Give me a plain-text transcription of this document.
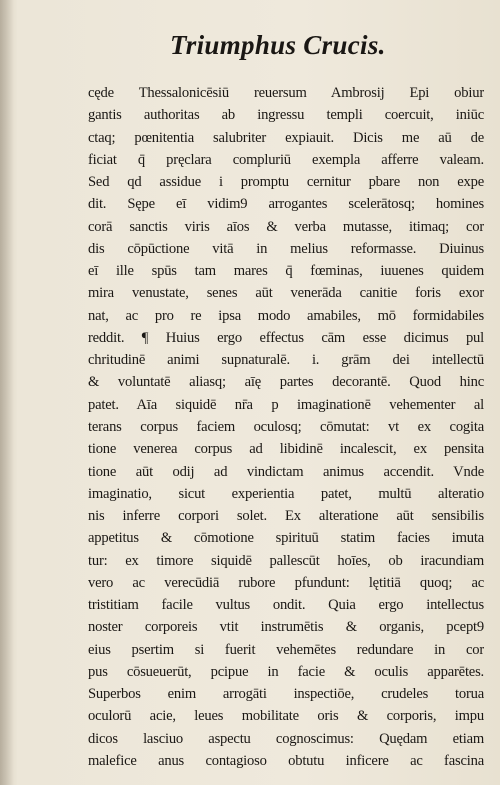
Triumphus Crucis.
cęde Thessalonicēsiū reuersum Ambrosij Epi obiur
gantis authoritas ab ingressu templi coercuit, iniūc
ctaq; pœnitentia salubriter expiauit. Dicis me aū de
ficiat q̄ pręclara compluriū exempla afferre valeam.
Sed qd assidue i promptu cernitur pbare non expe
dit. Sępe eī vidim9 arrogantes scelerātosq; homines
corā sanctis viris aīos & verba mutasse, itimaq; cor
dis cōpūctione vitā in melius reformasse. Diuinus
eī ille spūs tam mares q̄ fœminas, iuuenes quidem
mira venustate, senes aūt venerāda canitie foris exor
nat, ac pro re ipsa modo amabiles, mō formidabiles
reddit. ¶ Huius ergo effectus cām esse dicimus pul
chritudinē animi supnaturalē. i. grām dei intellectū
& voluntatē aliasq; aīę partes decorantē. Quod hinc
patet. Aīa siquidē nr̄a p imaginationē vehementer al
terans corpus faciem oculosq; cōmutat: vt ex cogita
tione venerea corpus ad libidinē incalescit, ex pensita
tione aūt odij ad vindictam animus accendit. Vnde
imaginatio, sicut experientia patet, multū alteratio
nis inferre corpori solet. Ex alteratione aūt sensibilis
appetitus & cōmotione spirituū statim facies imuta
tur: ex timore siquidē pallescūt hoīes, ob iracundiam
vero ac verecūdiā rubore pfundunt: lętitiā quoq; ac
tristitiam facile vultus ondit. Quia ergo intellectus
noster corporeis vtit instrumētis & organis, pcept9
eius psertim si fuerit vehemētes redundare in cor
pus cōsueuerūt, pcipue in facie & oculis apparētes.
Superbos enim arrogāti inspectiōe, crudeles torua
oculorū acie, leues mobilitate oris & corporis, impu
dicos lasciuo aspectu cognoscimus: Quędam etiam
malefice anus contagioso obtutu inficere ac fascina
